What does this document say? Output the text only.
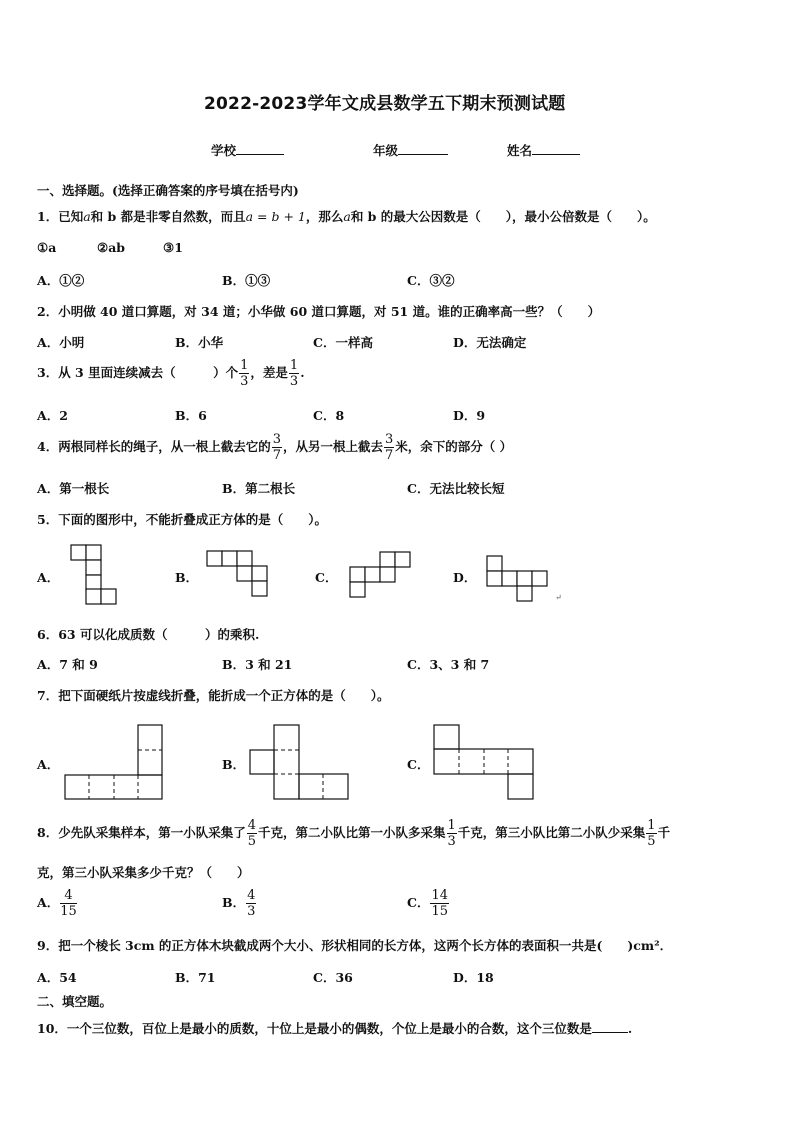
2022-2023学年文成县数学五下期末预测试题
学校	年级	姓名
一、选择题。(选择正确答案的序号填在括号内)
1．已知a和 b 都是非零自然数，而且a = b + 1，那么a和 b 的最大公因数是（　　），最小公倍数是（　　）。
①a	②ab	③1
A．①②	B．①③	C．③②
2．小明做 40 道口算题，对 34 道；小华做 60 道口算题，对 51 道。谁的正确率高一些？（　　）
A．小明	B．小华	C．一样高	D．无法确定
3．从 3 里面连续减去（　　　）个 $\frac{1}{3}$ ，差是 $\frac{1}{3}$ .
A．2	B．6	C．8	D．9
4．两根同样长的绳子，从一根上截去它的 $\frac{3}{7}$ ，从另一根上截去 $\frac{3}{7}$ 米，余下的部分（ ）
A．第一根长	B．第二根长	C．无法比较长短
5．下面的图形中，不能折叠成正方体的是（　　）。
A．	B．	C．	D．
↵
6．63 可以化成质数（　　　）的乘积.
A．7 和 9	B．3 和 21	C．3、3 和 7
7．把下面硬纸片按虚线折叠，能折成一个正方体的是（　　）。
A．	B．	C．
8．少先队采集样本，第一小队采集了 $\frac{4}{5}$ 千克，第二小队比第一小队多采集 $\frac{1}{3}$ 千克，第三小队比第二小队少采集 $\frac{1}{5}$ 千
克，第三小队采集多少千克？（　　）
A． $\frac{4}{15}$	B． $\frac{4}{3}$	C． $\frac{14}{15}$
9．把一个棱长 3cm 的正方体木块截成两个大小、形状相同的长方体，这两个长方体的表面积一共是(　　)cm²．
A．54	B．71	C．36	D．18
二、填空题。
10．一个三位数，百位上是最小的质数，十位上是最小的偶数，个位上是最小的合数，这个三位数是	.
